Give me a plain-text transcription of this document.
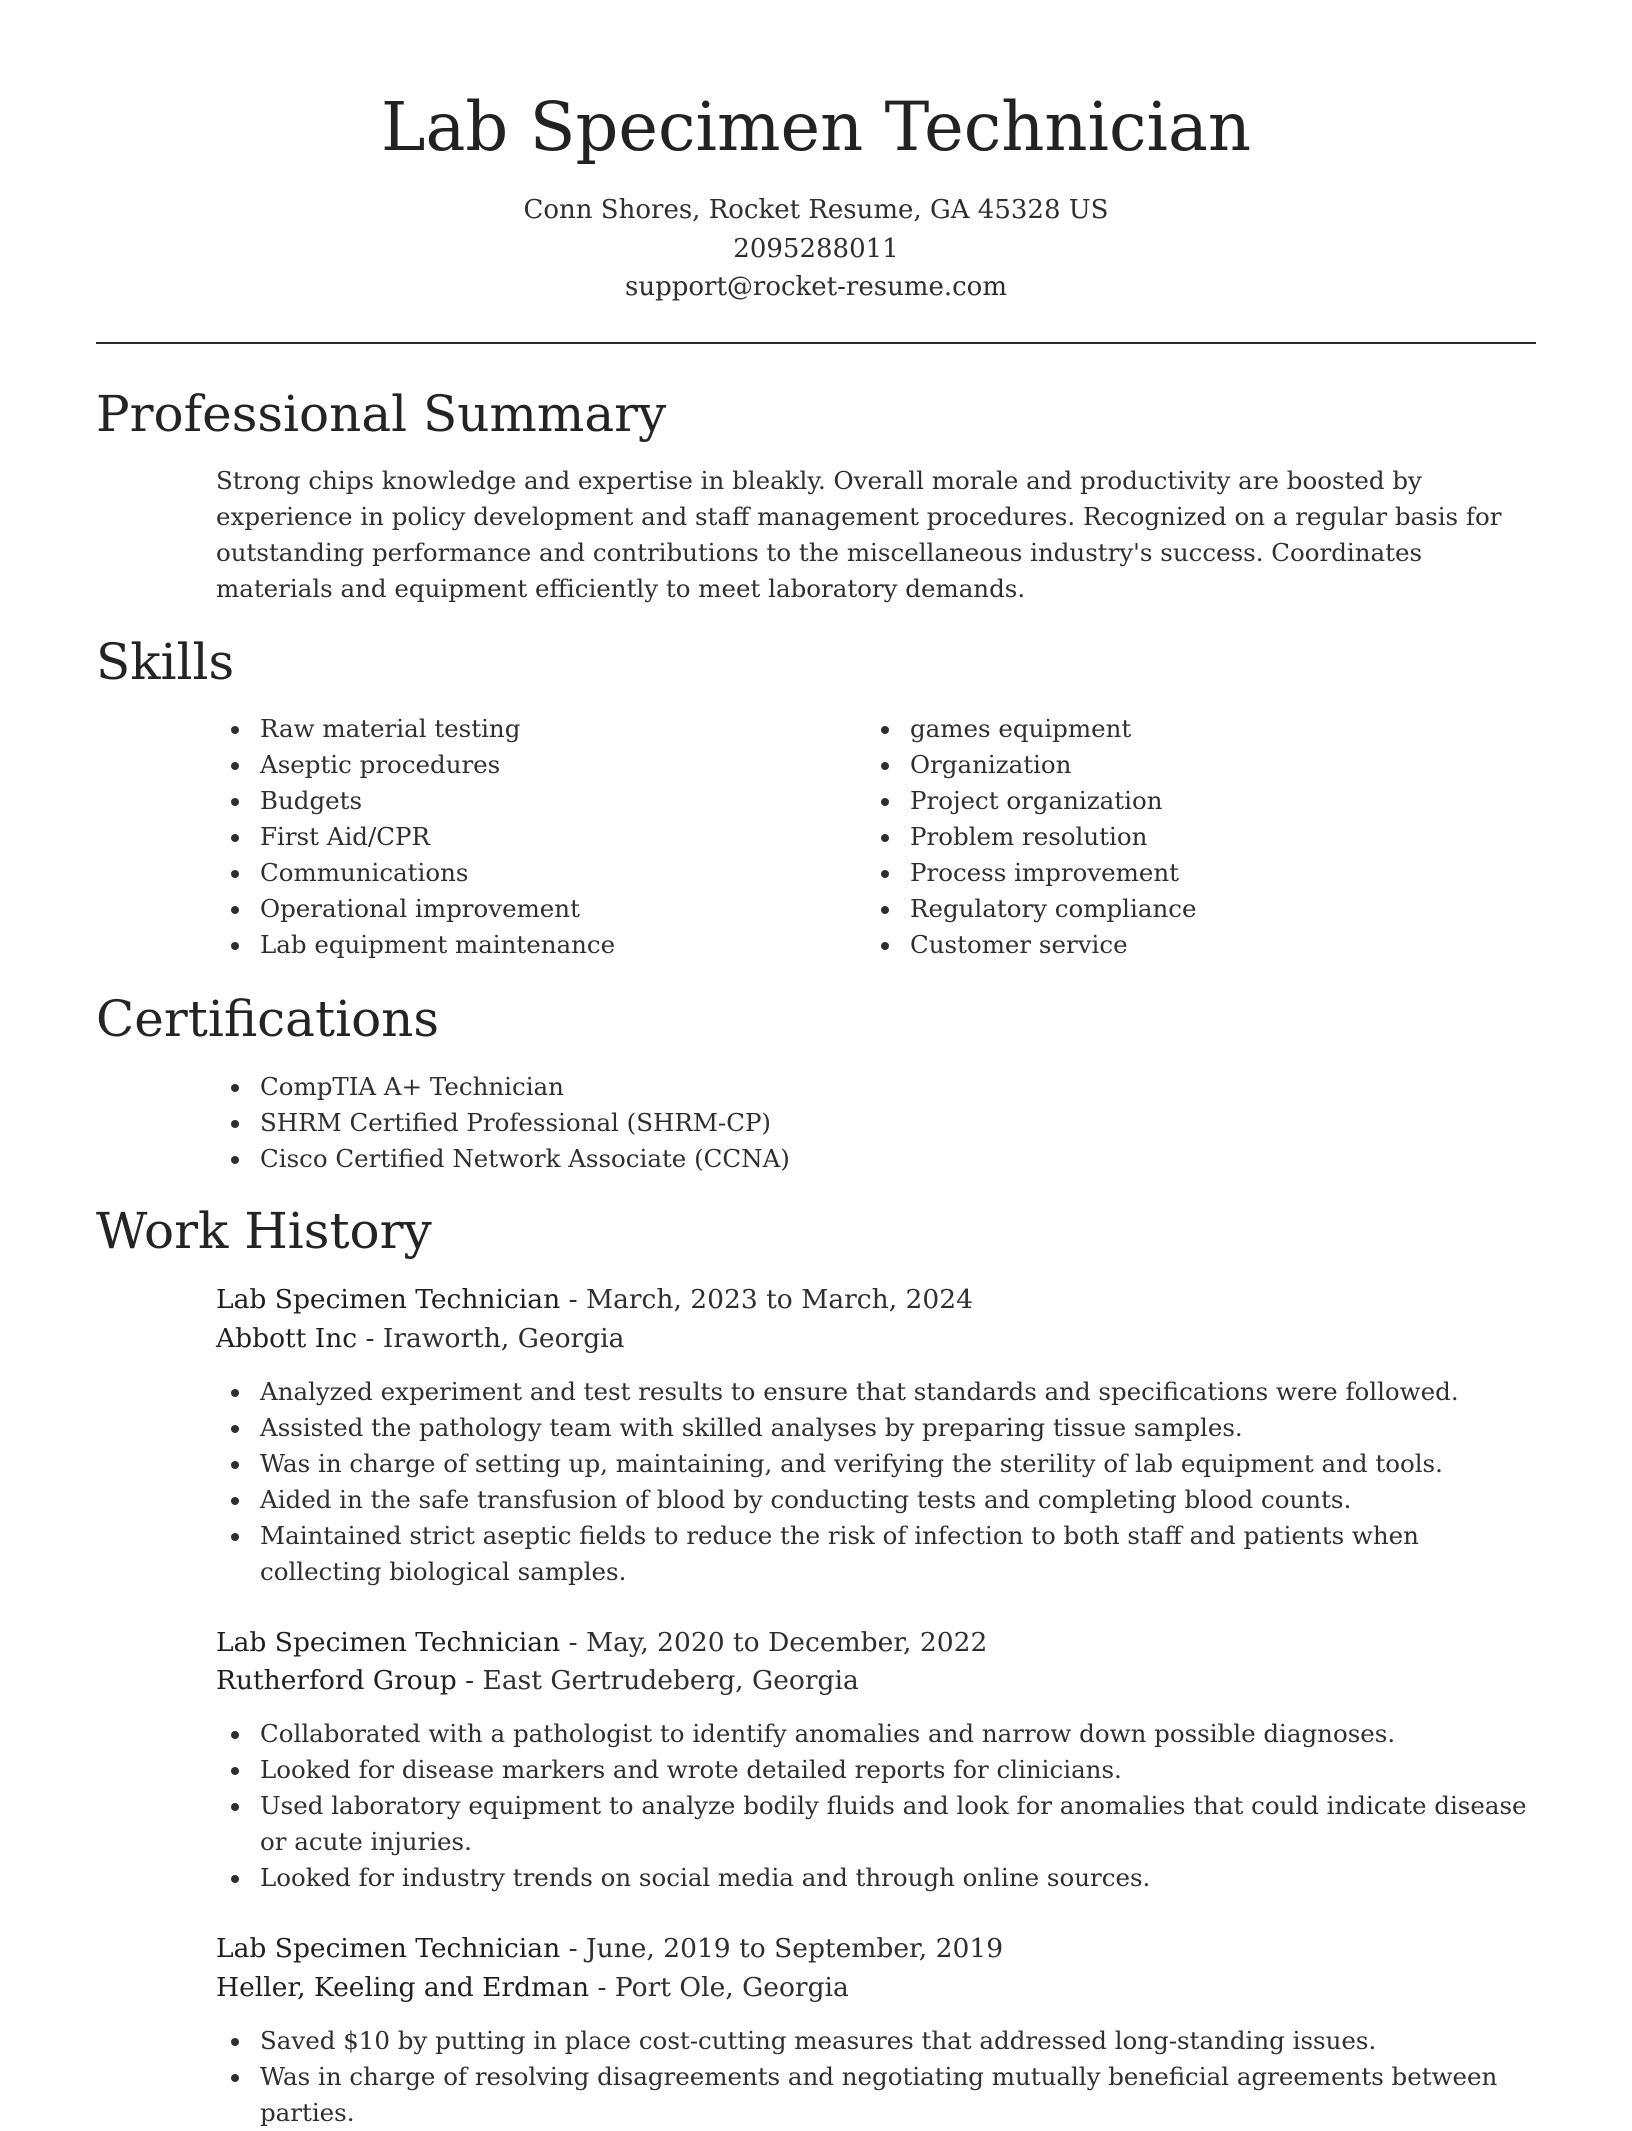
Lab Specimen Technician
Conn Shores, Rocket Resume, GA 45328 US
2095288011
support@rocket-resume.com
Professional Summary

Strong chips knowledge and expertise in bleakly. Overall morale and productivity are boosted by experience in policy development and staff management procedures. Recognized on a regular basis for outstanding performance and contributions to the miscellaneous industry's success. Coordinates materials and equipment efficiently to meet laboratory demands.

Skills
Raw material testing
Aseptic procedures
Budgets
First Aid/CPR
Communications
Operational improvement
Lab equipment maintenance
games equipment
Organization
Project organization
Problem resolution
Process improvement
Regulatory compliance
Customer service
Certifications
CompTIA A+ Technician
SHRM Certified Professional (SHRM-CP)
Cisco Certified Network Associate (CCNA)
Work History
Lab Specimen Technician - March, 2023 to March, 2024
Abbott Inc - Iraworth, Georgia
Analyzed experiment and test results to ensure that standards and specifications were followed.
Assisted the pathology team with skilled analyses by preparing tissue samples.
Was in charge of setting up, maintaining, and verifying the sterility of lab equipment and tools.
Aided in the safe transfusion of blood by conducting tests and completing blood counts.
Maintained strict aseptic fields to reduce the risk of infection to both staff and patients when collecting biological samples.
Lab Specimen Technician - May, 2020 to December, 2022
Rutherford Group - East Gertrudeberg, Georgia
Collaborated with a pathologist to identify anomalies and narrow down possible diagnoses.
Looked for disease markers and wrote detailed reports for clinicians.
Used laboratory equipment to analyze bodily fluids and look for anomalies that could indicate disease or acute injuries.
Looked for industry trends on social media and through online sources.
Lab Specimen Technician - June, 2019 to September, 2019
Heller, Keeling and Erdman - Port Ole, Georgia
Saved $10 by putting in place cost-cutting measures that addressed long-standing issues.
Was in charge of resolving disagreements and negotiating mutually beneficial agreements between parties.
